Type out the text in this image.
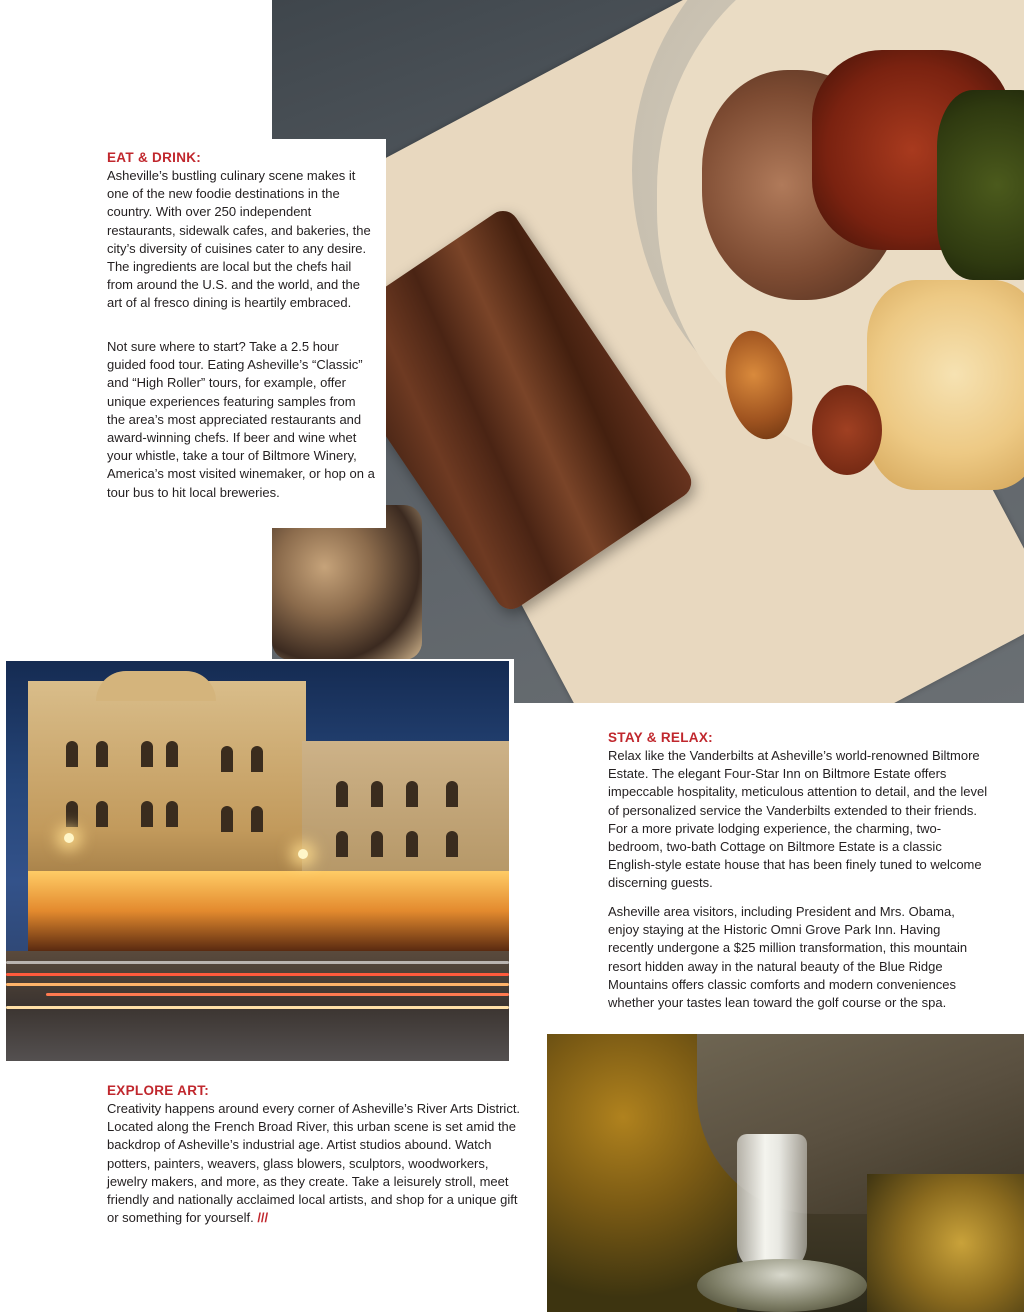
EAT & DRINK:

Asheville’s bustling culinary scene makes it one of the new foodie destinations in the country. With over 250 independent restaurants, sidewalk cafes, and bakeries, the city’s diversity of cuisines cater to any desire. The ingredients are local but the chefs hail from around the U.S. and the world, and the art of al fresco dining is heartily embraced.

Not sure where to start? Take a 2.5 hour guided food tour. Eating Asheville’s “Classic” and “High Roller” tours, for example, offer unique experiences featuring samples from the area’s most appreciated restaurants and award-winning chefs. If beer and wine whet your whistle, take a tour of Biltmore Winery, America’s most visited winemaker, or hop on a tour bus to hit local breweries.

STAY & RELAX:

Relax like the Vanderbilts at Asheville’s world-renowned Biltmore Estate. The elegant Four-Star Inn on Biltmore Estate offers impeccable hospitality, meticulous attention to detail, and the level of personalized service the Vanderbilts extended to their friends. For a more private lodging experience, the charming, two-bedroom, two-bath Cottage on Biltmore Estate is a classic English-style estate house that has been finely tuned to welcome discerning guests.

Asheville area visitors, including President and Mrs. Obama, enjoy staying at the Historic Omni Grove Park Inn. Having recently undergone a $25 million transformation, this mountain resort hidden away in the natural beauty of the Blue Ridge Mountains offers classic comforts and modern conveniences whether your tastes lean toward the golf course or the spa.

EXPLORE ART:

Creativity happens around every corner of Asheville’s River Arts District. Located along the French Broad River, this urban scene is set amid the backdrop of Asheville’s industrial age. Artist studios abound. Watch potters, painters, weavers, glass blowers, sculptors, woodworkers, jewelry makers, and more, as they create. Take a leisurely stroll, meet friendly and nationally acclaimed local artists, and shop for a unique gift or something for yourself. ///
